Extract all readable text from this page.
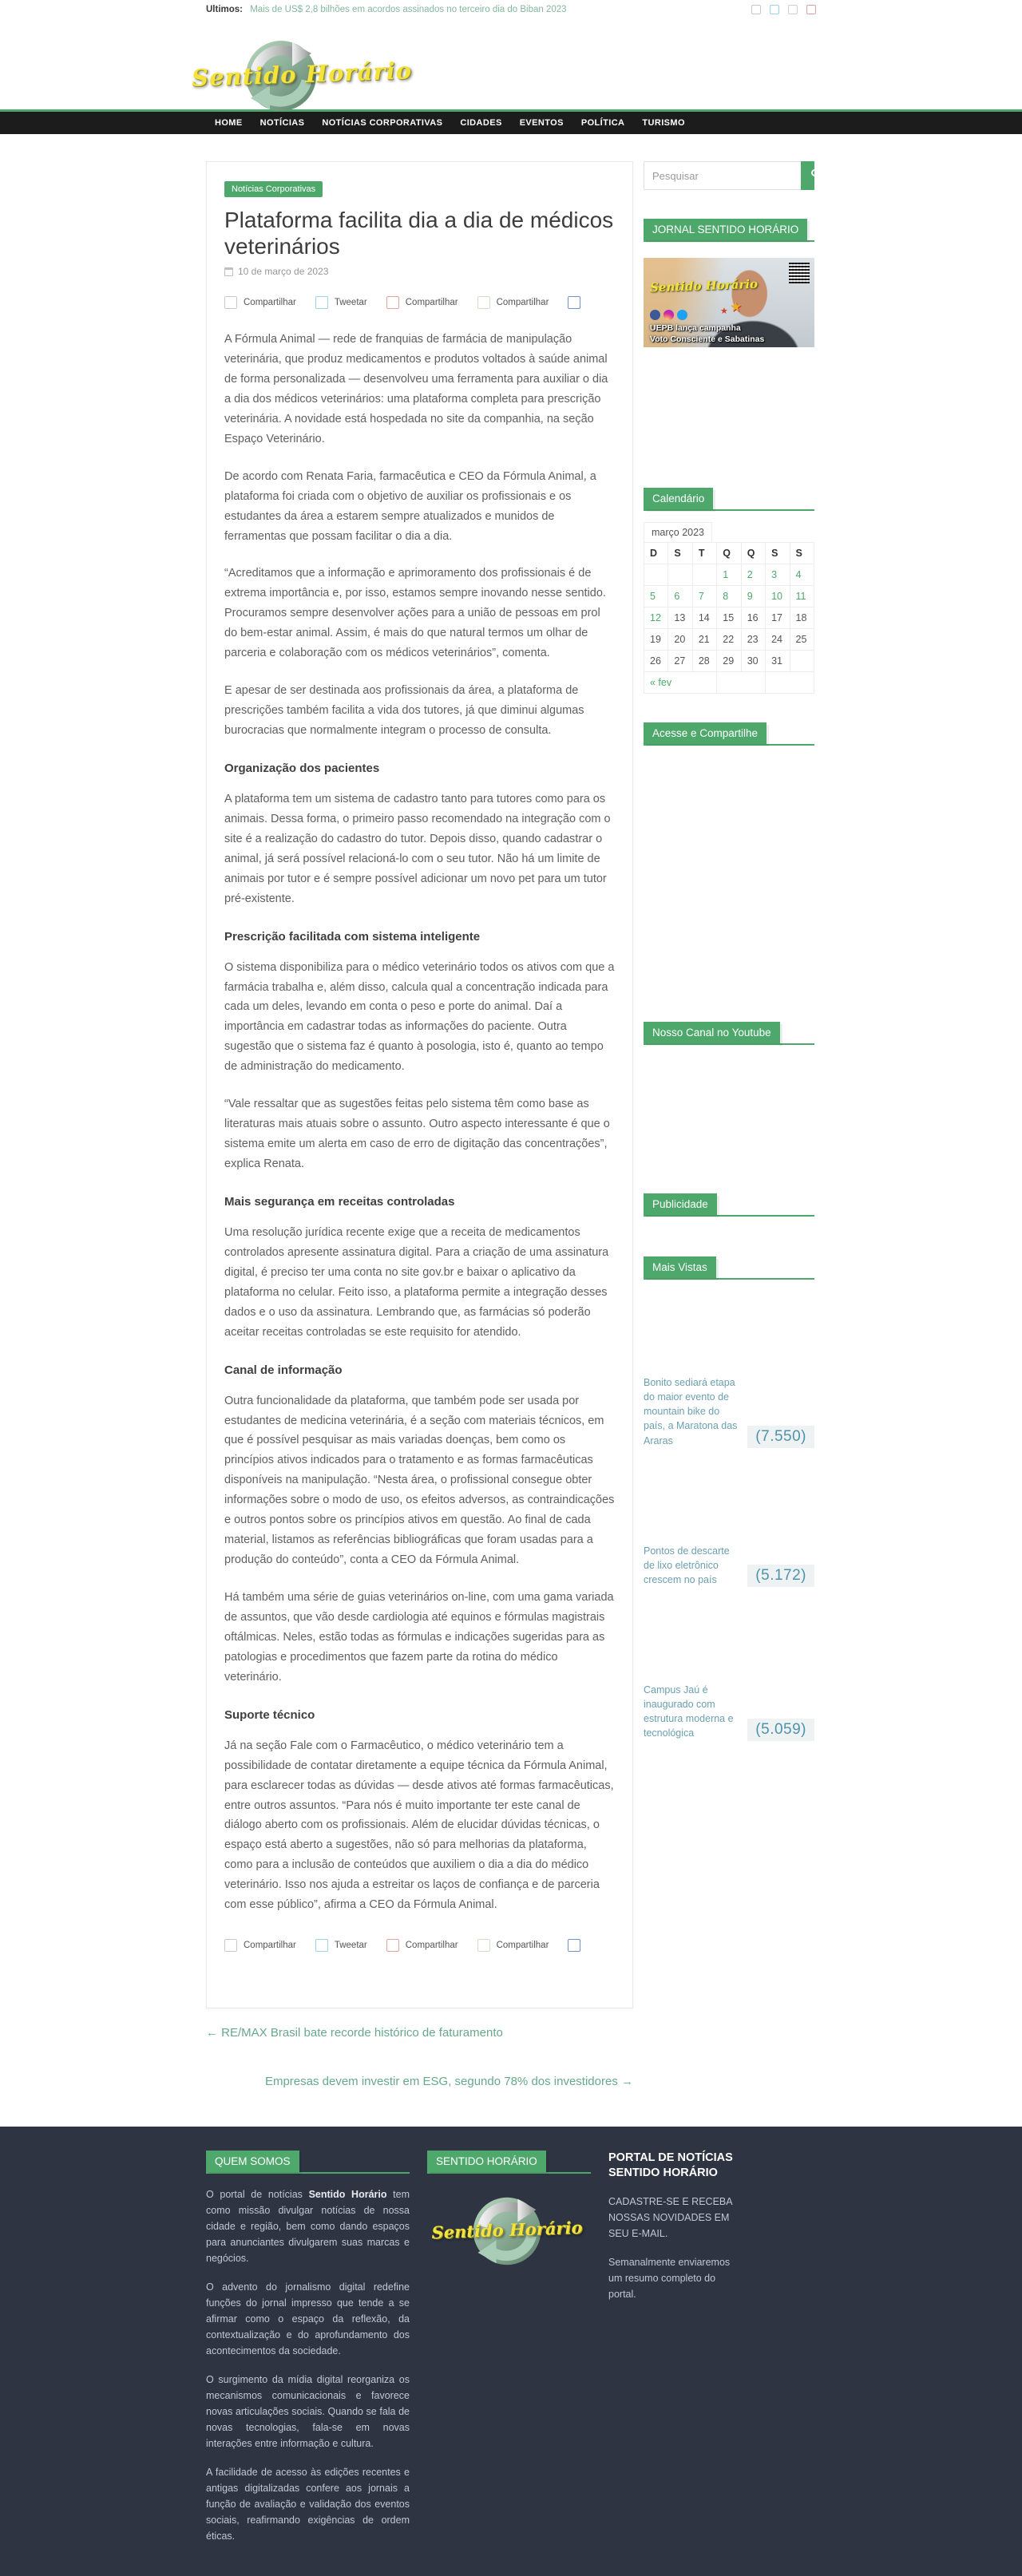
Últimos: Mais de US$ 2,8 bilhões em acordos assinados no terceiro dia do Biban 2023
Sentido Horário
HOME	NOTÍCIAS	NOTÍCIAS CORPORATIVAS	CIDADES	EVENTOS	POLÍTICA	TURISMO
Notícias Corporativas
Plataforma facilita dia a dia de médicos veterinários
10 de março de 2023
Compartilhar	Tweetar	Compartilhar	Compartilhar

A Fórmula Animal — rede de franquias de farmácia de manipulação veterinária, que produz medicamentos e produtos voltados à saúde animal de forma personalizada — desenvolveu uma ferramenta para auxiliar o dia a dia dos médicos veterinários: uma plataforma completa para prescrição veterinária. A novidade está hospedada no site da companhia, na seção Espaço Veterinário.

De acordo com Renata Faria, farmacêutica e CEO da Fórmula Animal, a plataforma foi criada com o objetivo de auxiliar os profissionais e os estudantes da área a estarem sempre atualizados e munidos de ferramentas que possam facilitar o dia a dia.

“Acreditamos que a informação e aprimoramento dos profissionais é de extrema importância e, por isso, estamos sempre inovando nesse sentido. Procuramos sempre desenvolver ações para a união de pessoas em prol do bem-estar animal. Assim, é mais do que natural termos um olhar de parceria e colaboração com os médicos veterinários”, comenta.

E apesar de ser destinada aos profissionais da área, a plataforma de prescrições também facilita a vida dos tutores, já que diminui algumas burocracias que normalmente integram o processo de consulta.

Organização dos pacientes

A plataforma tem um sistema de cadastro tanto para tutores como para os animais. Dessa forma, o primeiro passo recomendado na integração com o site é a realização do cadastro do tutor. Depois disso, quando cadastrar o animal, já será possível relacioná-lo com o seu tutor. Não há um limite de animais por tutor e é sempre possível adicionar um novo pet para um tutor pré-existente.

Prescrição facilitada com sistema inteligente

O sistema disponibiliza para o médico veterinário todos os ativos com que a farmácia trabalha e, além disso, calcula qual a concentração indicada para cada um deles, levando em conta o peso e porte do animal. Daí a importância em cadastrar todas as informações do paciente. Outra sugestão que o sistema faz é quanto à posologia, isto é, quanto ao tempo de administração do medicamento.

“Vale ressaltar que as sugestões feitas pelo sistema têm como base as literaturas mais atuais sobre o assunto. Outro aspecto interessante é que o sistema emite um alerta em caso de erro de digitação das concentrações”, explica Renata.

Mais segurança em receitas controladas

Uma resolução jurídica recente exige que a receita de medicamentos controlados apresente assinatura digital. Para a criação de uma assinatura digital, é preciso ter uma conta no site gov.br e baixar o aplicativo da plataforma no celular. Feito isso, a plataforma permite a integração desses dados e o uso da assinatura. Lembrando que, as farmácias só poderão aceitar receitas controladas se este requisito for atendido.

Canal de informação

Outra funcionalidade da plataforma, que também pode ser usada por estudantes de medicina veterinária, é a seção com materiais técnicos, em que é possível pesquisar as mais variadas doenças, bem como os princípios ativos indicados para o tratamento e as formas farmacêuticas disponíveis na manipulação. “Nesta área, o profissional consegue obter informações sobre o modo de uso, os efeitos adversos, as contraindicações e outros pontos sobre os princípios ativos em questão. Ao final de cada material, listamos as referências bibliográficas que foram usadas para a produção do conteúdo”, conta a CEO da Fórmula Animal.

Há também uma série de guias veterinários on-line, com uma gama variada de assuntos, que vão desde cardiologia até equinos e fórmulas magistrais oftálmicas. Neles, estão todas as fórmulas e indicações sugeridas para as patologias e procedimentos que fazem parte da rotina do médico veterinário.

Suporte técnico

Já na seção Fale com o Farmacêutico, o médico veterinário tem a possibilidade de contatar diretamente a equipe técnica da Fórmula Animal, para esclarecer todas as dúvidas — desde ativos até formas farmacêuticas, entre outros assuntos. “Para nós é muito importante ter este canal de diálogo aberto com os profissionais. Além de elucidar dúvidas técnicas, o espaço está aberto a sugestões, não só para melhorias da plataforma, como para a inclusão de conteúdos que auxiliem o dia a dia do médico veterinário. Isso nos ajuda a estreitar os laços de confiança e de parceria com esse público”, afirma a CEO da Fórmula Animal.

Compartilhar	Tweetar	Compartilhar	Compartilhar
← RE/MAX Brasil bate recorde histórico de faturamento
Empresas devem investir em ESG, segundo 78% dos investidores →
Pesquisar
JORNAL SENTIDO HORÁRIO
Sentido Horário
★
★
UEPB lança campanha
Voto Consciente e Sabatinas
Calendário
março 2023
D	S	T	Q	Q	S	S
			1	2	3	4
5	6	7	8	9	10	11
12	13	14	15	16	17	18
19	20	21	22	23	24	25
26	27	28	29	30	31	
« fev						
Acesse e Compartilhe
Nosso Canal no Youtube
Publicidade
Mais Vistas
Bonito sediará etapa do maior evento de mountain bike do país, a Maratona das Araras	(7.550)
Pontos de descarte de lixo eletrônico crescem no país	(5.172)
Campus Jaú é inaugurado com estrutura moderna e tecnológica	(5.059)
QUEM SOMOS

O portal de notícias Sentido Horário tem como missão divulgar notícias de nossa cidade e região, bem como dando espaços para anunciantes divulgarem suas marcas e negócios.

O advento do jornalismo digital redefine funções do jornal impresso que tende a se afirmar como o espaço da reflexão, da contextualização e do aprofundamento dos acontecimentos da sociedade.

O surgimento da mídia digital reorganiza os mecanismos comunicacionais e favorece novas articulações sociais. Quando se fala de novas tecnologias, fala-se em novas interações entre informação e cultura.

A facilidade de acesso às edições recentes e antigas digitalizadas confere aos jornais a função de avaliação e validação dos eventos sociais, reafirmando exigências de ordem éticas.

SENTIDO HORÁRIO
Sentido Horário
PORTAL DE NOTÍCIAS
SENTIDO HORÁRIO

CADASTRE-SE E RECEBA NOSSAS NOVIDADES EM SEU E-MAIL.

Semanalmente enviaremos um resumo completo do portal.
